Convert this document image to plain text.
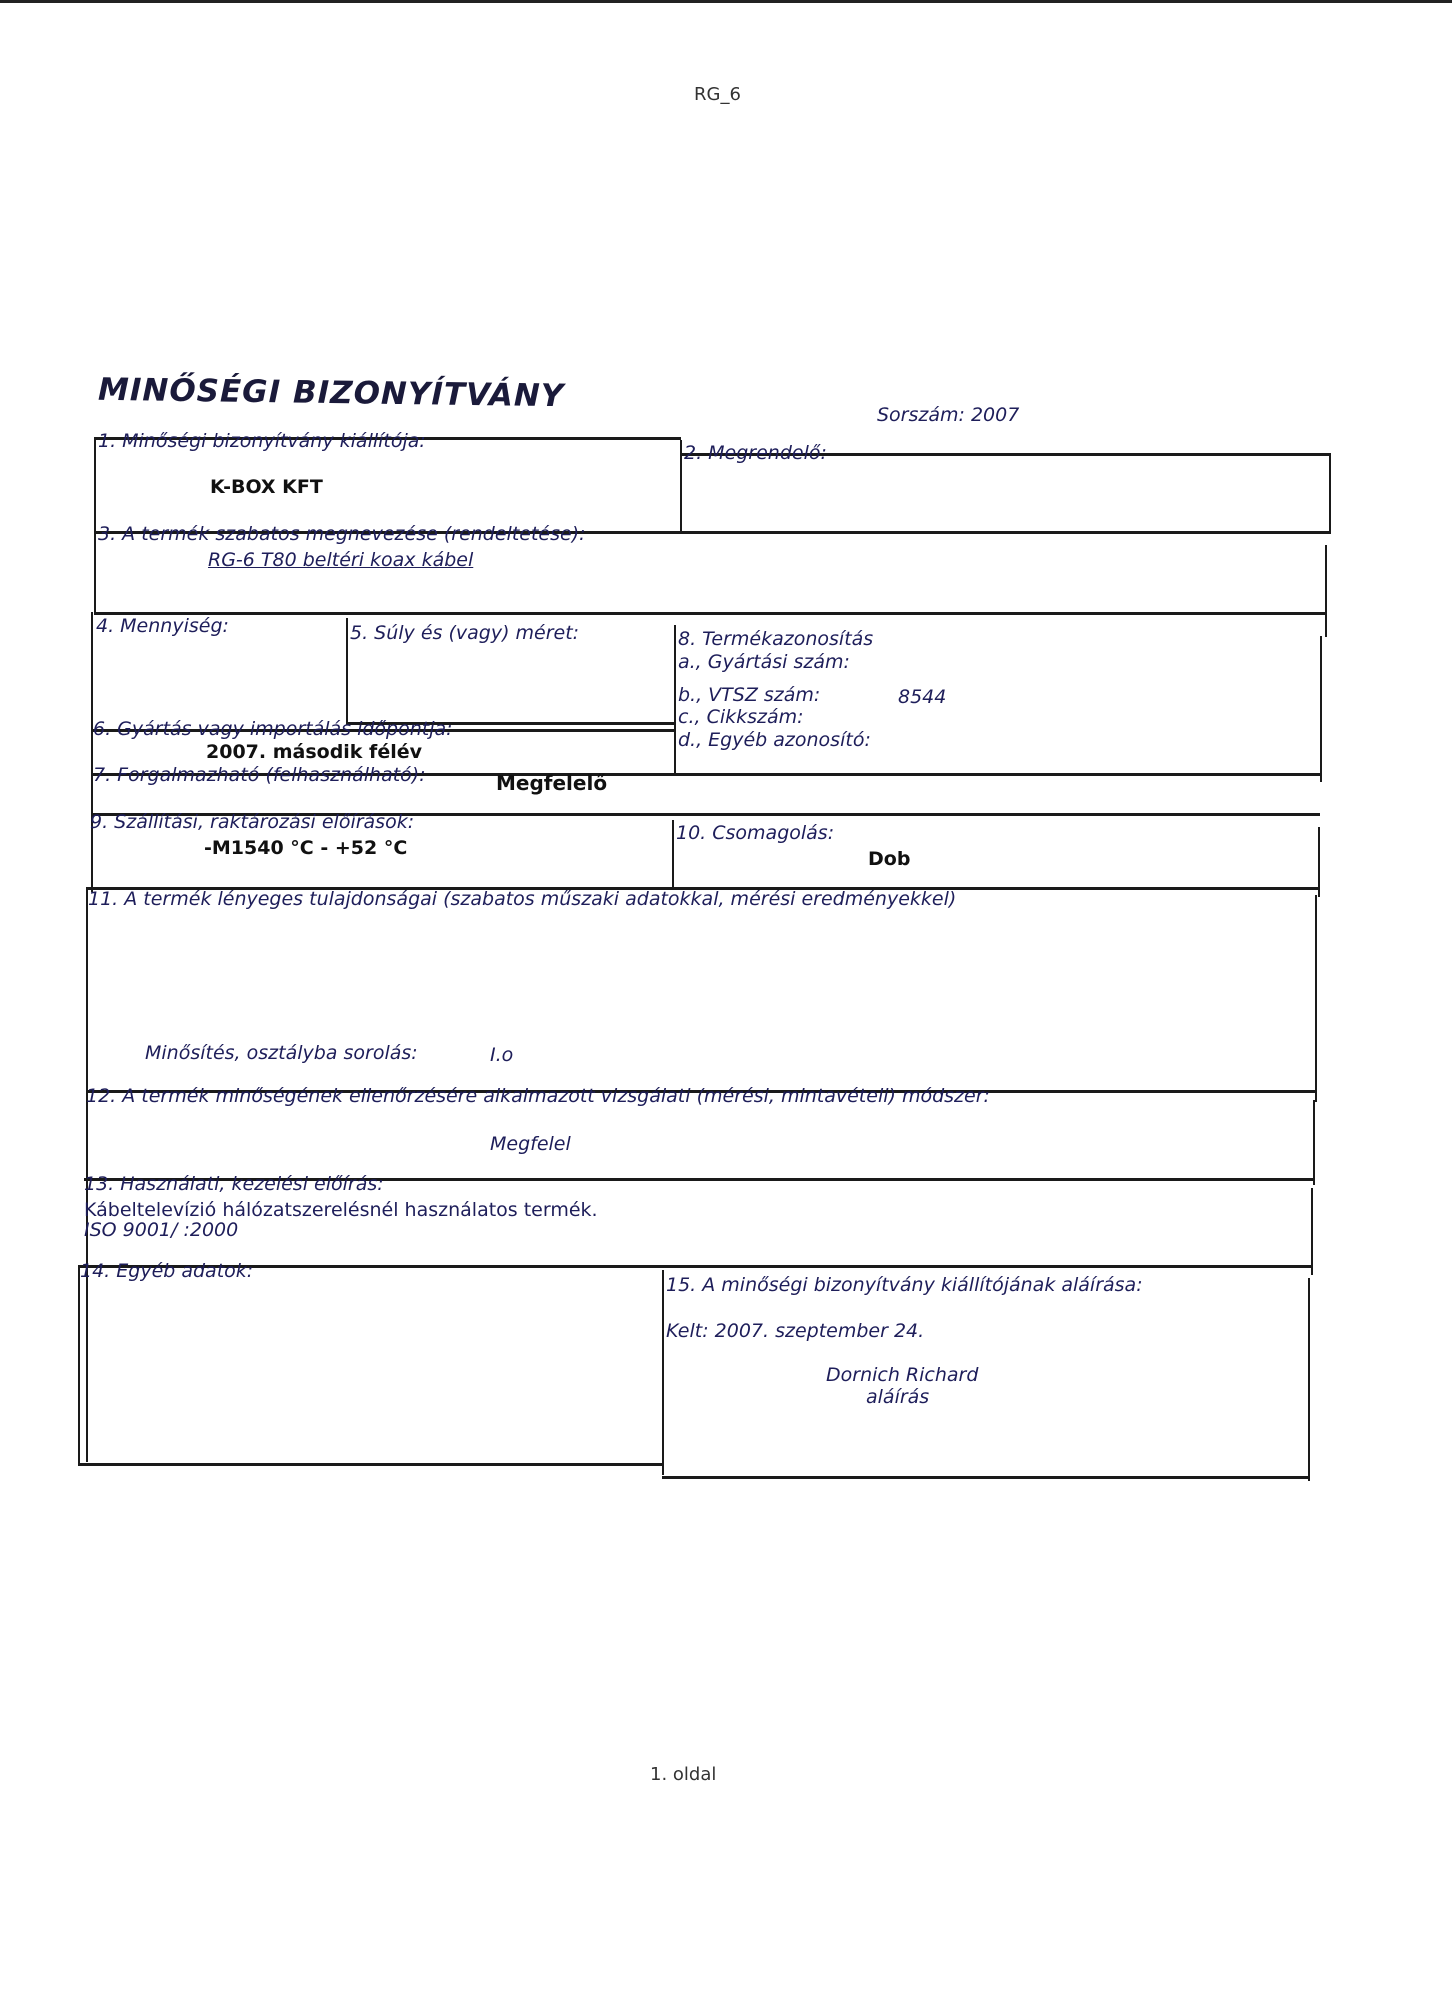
RG_6
MINŐSÉGI BIZONYÍTVÁNY
Sorszám: 2007
1. Minőségi bizonyítvány kiállítója:
K-BOX KFT
2. Megrendelő:
3. A termék szabatos megnevezése (rendeltetése):
RG-6 T80 beltéri koax kábel
4. Mennyiség:	5. Súly és (vagy) méret:	8. Termékazonosítás
a., Gyártási szám:
b., VTSZ szám:	8544
c., Cikkszám:
d., Egyéb azonosító:
6. Gyártás vagy importálás időpontja:
2007. második félév
7. Forgalmazható (felhasználható):	Megfelelő
9. Szállítási, raktározási előírások:
-M1540 °C - +52 °C
10. Csomagolás:
Dob
11. A termék lényeges tulajdonságai (szabatos műszaki adatokkal, mérési eredményekkel)
Minősítés, osztályba sorolás:	I.o
12. A termék minőségének ellenőrzésére alkalmazott vizsgálati (mérési, mintavételi) módszer:
Megfelel
13. Használati, kezelési előírás:
Kábeltelevízió hálózatszerelésnél használatos termék.
ISO 9001/ :2000
14. Egyéb adatok:
15. A minőségi bizonyítvány kiállítójának aláírása:
Kelt: 2007. szeptember 24.
Dornich Richard
aláírás
1. oldal
